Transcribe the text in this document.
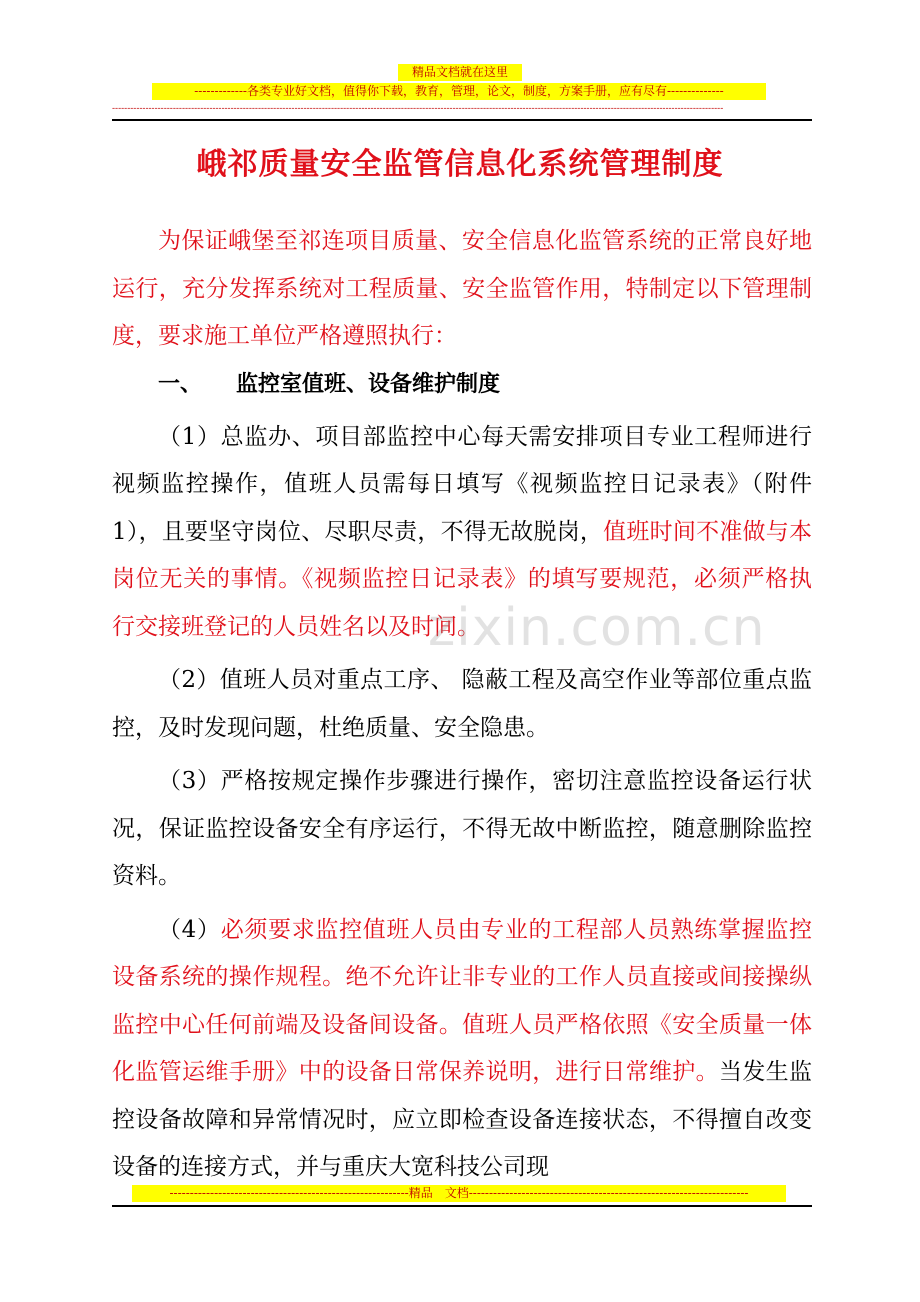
精品文档就在这里
-------------各类专业好文档，值得你下载，教育，管理，论文，制度，方案手册，应有尽有--------------
---------------------------------------------------------------------------------------------------------------------------------------------------------------------------------------------------------
峨祁质量安全监管信息化系统管理制度

为保证峨堡至祁连项目质量、安全信息化监管系统的正常良好地运行，充分发挥系统对工程质量、安全监管作用，特制定以下管理制度，要求施工单位严格遵照执行：

一、 监控室值班、设备维护制度

（1）总监办、项目部监控中心每天需安排项目专业工程师进行视频监控操作，值班人员需每日填写《视频监控日记录表》（附件1），且要坚守岗位、尽职尽责，不得无故脱岗，值班时间不准做与本岗位无关的事情。《视频监控日记录表》的填写要规范，必须严格执行交接班登记的人员姓名以及时间。

（2）值班人员对重点工序、 隐蔽工程及高空作业等部位重点监控，及时发现问题，杜绝质量、安全隐患。

（3）严格按规定操作步骤进行操作，密切注意监控设备运行状况，保证监控设备安全有序运行，不得无故中断监控，随意删除监控资料。

（4）必须要求监控值班人员由专业的工程部人员熟练掌握监控设备系统的操作规程。绝不允许让非专业的工作人员直接或间接操纵监控中心任何前端及设备间设备。值班人员严格依照《安全质量一体化监管运维手册》中的设备日常保养说明，进行日常维护。当发生监控设备故障和异常情况时，应立即检查设备连接状态，不得擅自改变设备的连接方式，并与重庆大宽科技公司现

zixin.com.cn
-----------------------------------------------------------精品　文档---------------------------------------------------------------------
